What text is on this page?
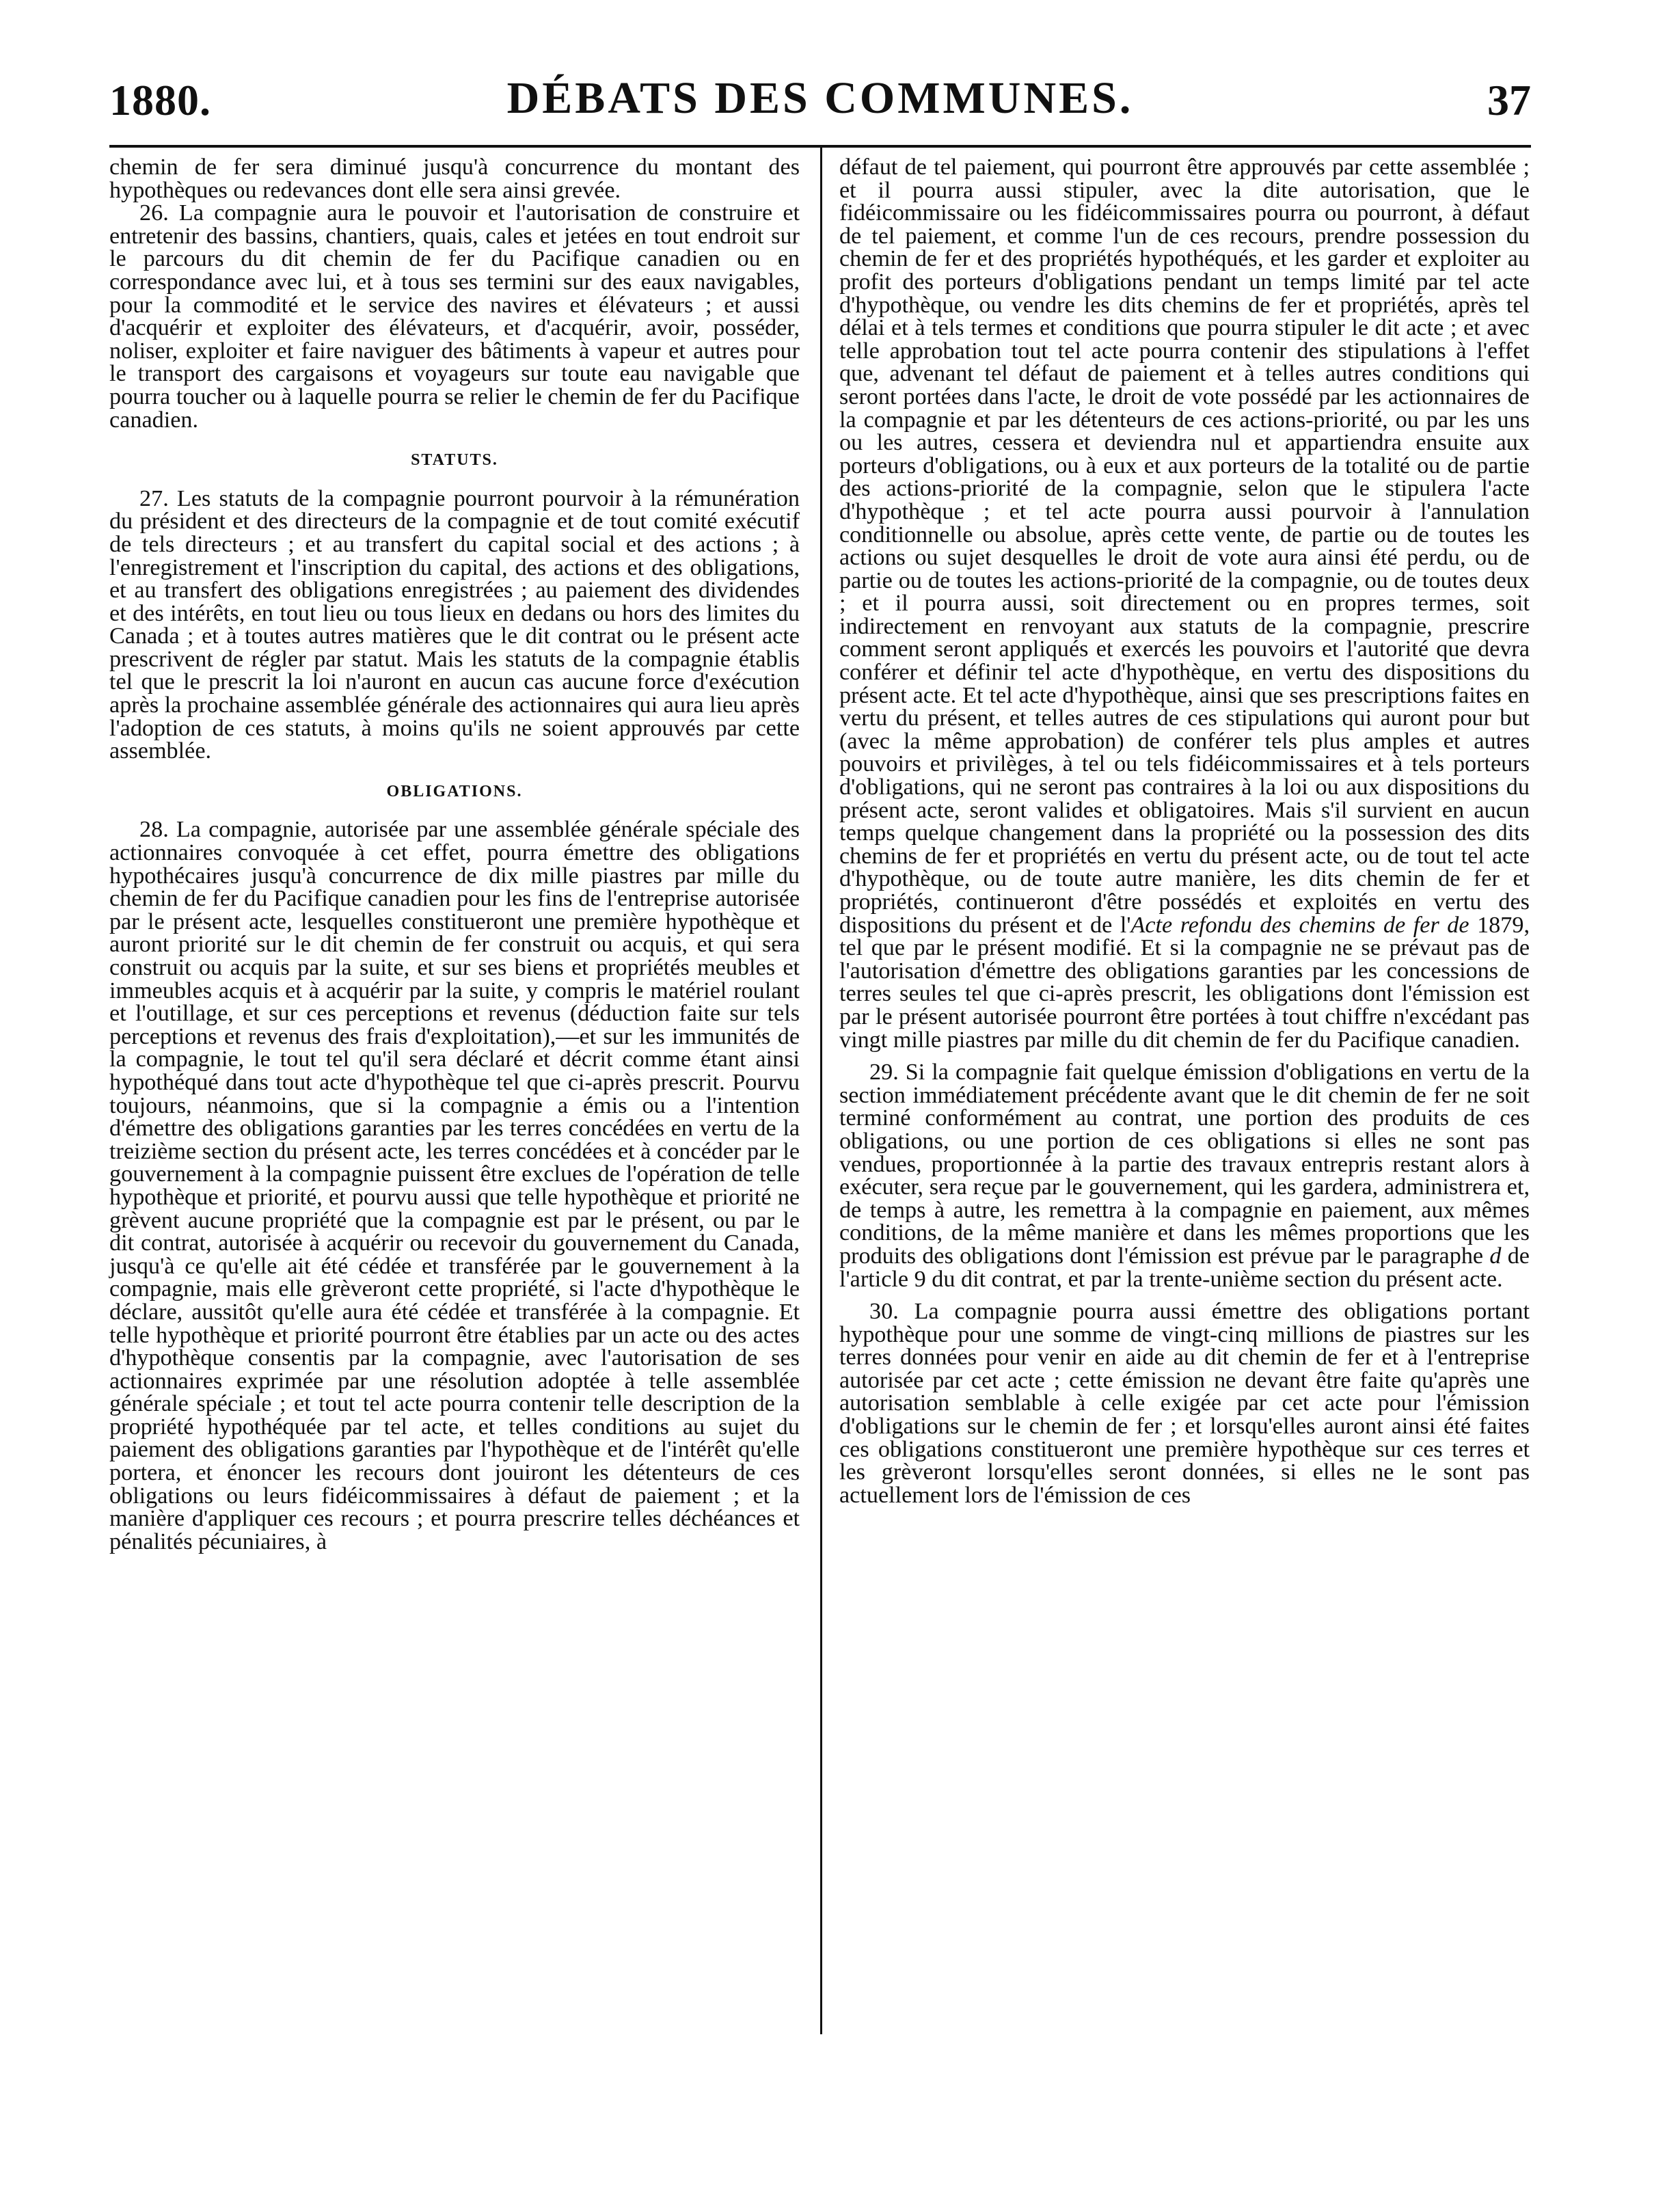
1880.	DÉBATS DES COMMUNES.	37

chemin de fer sera diminué jusqu'à concurrence du montant des hypothèques ou redevances dont elle sera ainsi grevée.

26. La compagnie aura le pouvoir et l'autorisation de construire et entretenir des bassins, chantiers, quais, cales et jetées en tout endroit sur le parcours du dit chemin de fer du Pacifique canadien ou en correspondance avec lui, et à tous ses termini sur des eaux navigables, pour la commodité et le service des navires et élévateurs ; et aussi d'acquérir et exploiter des élévateurs, et d'acquérir, avoir, posséder, noliser, exploiter et faire naviguer des bâtiments à vapeur et autres pour le transport des cargaisons et voyageurs sur toute eau navigable que pourra toucher ou à laquelle pourra se relier le chemin de fer du Pacifique canadien.

STATUTS.

27. Les statuts de la compagnie pourront pourvoir à la rémunération du président et des directeurs de la compagnie et de tout comité exécutif de tels directeurs ; et au transfert du capital social et des actions ; à l'enregistrement et l'inscription du capital, des actions et des obligations, et au transfert des obligations enregistrées ; au paiement des dividendes et des intérêts, en tout lieu ou tous lieux en dedans ou hors des limites du Canada ; et à toutes autres matières que le dit contrat ou le présent acte prescrivent de régler par statut. Mais les statuts de la compagnie établis tel que le prescrit la loi n'auront en aucun cas aucune force d'exécution après la prochaine assemblée générale des actionnaires qui aura lieu après l'adoption de ces statuts, à moins qu'ils ne soient approuvés par cette assemblée.

OBLIGATIONS.

28. La compagnie, autorisée par une assemblée générale spéciale des actionnaires convoquée à cet effet, pourra émettre des obligations hypothécaires jusqu'à concurrence de dix mille piastres par mille du chemin de fer du Pacifique canadien pour les fins de l'entreprise autorisée par le présent acte, lesquelles constitueront une première hypothèque et auront priorité sur le dit chemin de fer construit ou acquis, et qui sera construit ou acquis par la suite, et sur ses biens et propriétés meubles et immeubles acquis et à acquérir par la suite, y compris le matériel roulant et l'outillage, et sur ces perceptions et revenus (déduction faite sur tels perceptions et revenus des frais d'exploitation),—et sur les immunités de la compagnie, le tout tel qu'il sera déclaré et décrit comme étant ainsi hypothéqué dans tout acte d'hypothèque tel que ci-après prescrit. Pourvu toujours, néanmoins, que si la compagnie a émis ou a l'intention d'émettre des obligations garanties par les terres concédées en vertu de la treizième section du présent acte, les terres concédées et à concéder par le gouvernement à la compagnie puissent être exclues de l'opération de telle hypothèque et priorité, et pourvu aussi que telle hypothèque et priorité ne grèvent aucune propriété que la compagnie est par le présent, ou par le dit contrat, autorisée à acquérir ou recevoir du gouvernement du Canada, jusqu'à ce qu'elle ait été cédée et transférée par le gouvernement à la compagnie, mais elle grèveront cette propriété, si l'acte d'hypothèque le déclare, aussitôt qu'elle aura été cédée et transférée à la compagnie. Et telle hypothèque et priorité pourront être établies par un acte ou des actes d'hypothèque consentis par la compagnie, avec l'autorisation de ses actionnaires exprimée par une résolution adoptée à telle assemblée générale spéciale ; et tout tel acte pourra contenir telle description de la propriété hypothéquée par tel acte, et telles conditions au sujet du paiement des obligations garanties par l'hypothèque et de l'intérêt qu'elle portera, et énoncer les recours dont jouiront les détenteurs de ces obligations ou leurs fidéicommissaires à défaut de paiement ; et la manière d'appliquer ces recours ; et pourra prescrire telles déchéances et pénalités pécuniaires, à

défaut de tel paiement, qui pourront être approuvés par cette assemblée ; et il pourra aussi stipuler, avec la dite autorisation, que le fidéicommissaire ou les fidéicommissaires pourra ou pourront, à défaut de tel paiement, et comme l'un de ces recours, prendre possession du chemin de fer et des propriétés hypothéqués, et les garder et exploiter au profit des porteurs d'obligations pendant un temps limité par tel acte d'hypothèque, ou vendre les dits chemins de fer et propriétés, après tel délai et à tels termes et conditions que pourra stipuler le dit acte ; et avec telle approbation tout tel acte pourra contenir des stipulations à l'effet que, advenant tel défaut de paiement et à telles autres conditions qui seront portées dans l'acte, le droit de vote possédé par les actionnaires de la compagnie et par les détenteurs de ces actions-priorité, ou par les uns ou les autres, cessera et deviendra nul et appartiendra ensuite aux porteurs d'obligations, ou à eux et aux porteurs de la totalité ou de partie des actions-priorité de la compagnie, selon que le stipulera l'acte d'hypothèque ; et tel acte pourra aussi pourvoir à l'annulation conditionnelle ou absolue, après cette vente, de partie ou de toutes les actions ou sujet desquelles le droit de vote aura ainsi été perdu, ou de partie ou de toutes les actions-priorité de la compagnie, ou de toutes deux ; et il pourra aussi, soit directement ou en propres termes, soit indirectement en renvoyant aux statuts de la compagnie, prescrire comment seront appliqués et exercés les pouvoirs et l'autorité que devra conférer et définir tel acte d'hypothèque, en vertu des dispositions du présent acte. Et tel acte d'hypothèque, ainsi que ses prescriptions faites en vertu du présent, et telles autres de ces stipulations qui auront pour but (avec la même approbation) de conférer tels plus amples et autres pouvoirs et privilèges, à tel ou tels fidéicommissaires et à tels porteurs d'obligations, qui ne seront pas contraires à la loi ou aux dispositions du présent acte, seront valides et obligatoires. Mais s'il survient en aucun temps quelque changement dans la propriété ou la possession des dits chemins de fer et propriétés en vertu du présent acte, ou de tout tel acte d'hypothèque, ou de toute autre manière, les dits chemin de fer et propriétés, continueront d'être possédés et exploités en vertu des dispositions du présent et de l'Acte refondu des chemins de fer de 1879, tel que par le présent modifié. Et si la compagnie ne se prévaut pas de l'autorisation d'émettre des obligations garanties par les concessions de terres seules tel que ci-après prescrit, les obligations dont l'émission est par le présent autorisée pourront être portées à tout chiffre n'excédant pas vingt mille piastres par mille du dit chemin de fer du Pacifique canadien.

29. Si la compagnie fait quelque émission d'obligations en vertu de la section immédiatement précédente avant que le dit chemin de fer ne soit terminé conformément au contrat, une portion des produits de ces obligations, ou une portion de ces obligations si elles ne sont pas vendues, proportionnée à la partie des travaux entrepris restant alors à exécuter, sera reçue par le gouvernement, qui les gardera, administrera et, de temps à autre, les remettra à la compagnie en paiement, aux mêmes conditions, de la même manière et dans les mêmes proportions que les produits des obligations dont l'émission est prévue par le paragraphe d de l'article 9 du dit contrat, et par la trente-unième section du présent acte.

30. La compagnie pourra aussi émettre des obligations portant hypothèque pour une somme de vingt-cinq millions de piastres sur les terres données pour venir en aide au dit chemin de fer et à l'entreprise autorisée par cet acte ; cette émission ne devant être faite qu'après une autorisation semblable à celle exigée par cet acte pour l'émission d'obligations sur le chemin de fer ; et lorsqu'elles auront ainsi été faites ces obligations constitueront une première hypothèque sur ces terres et les grèveront lorsqu'elles seront données, si elles ne le sont pas actuellement lors de l'émission de ces
